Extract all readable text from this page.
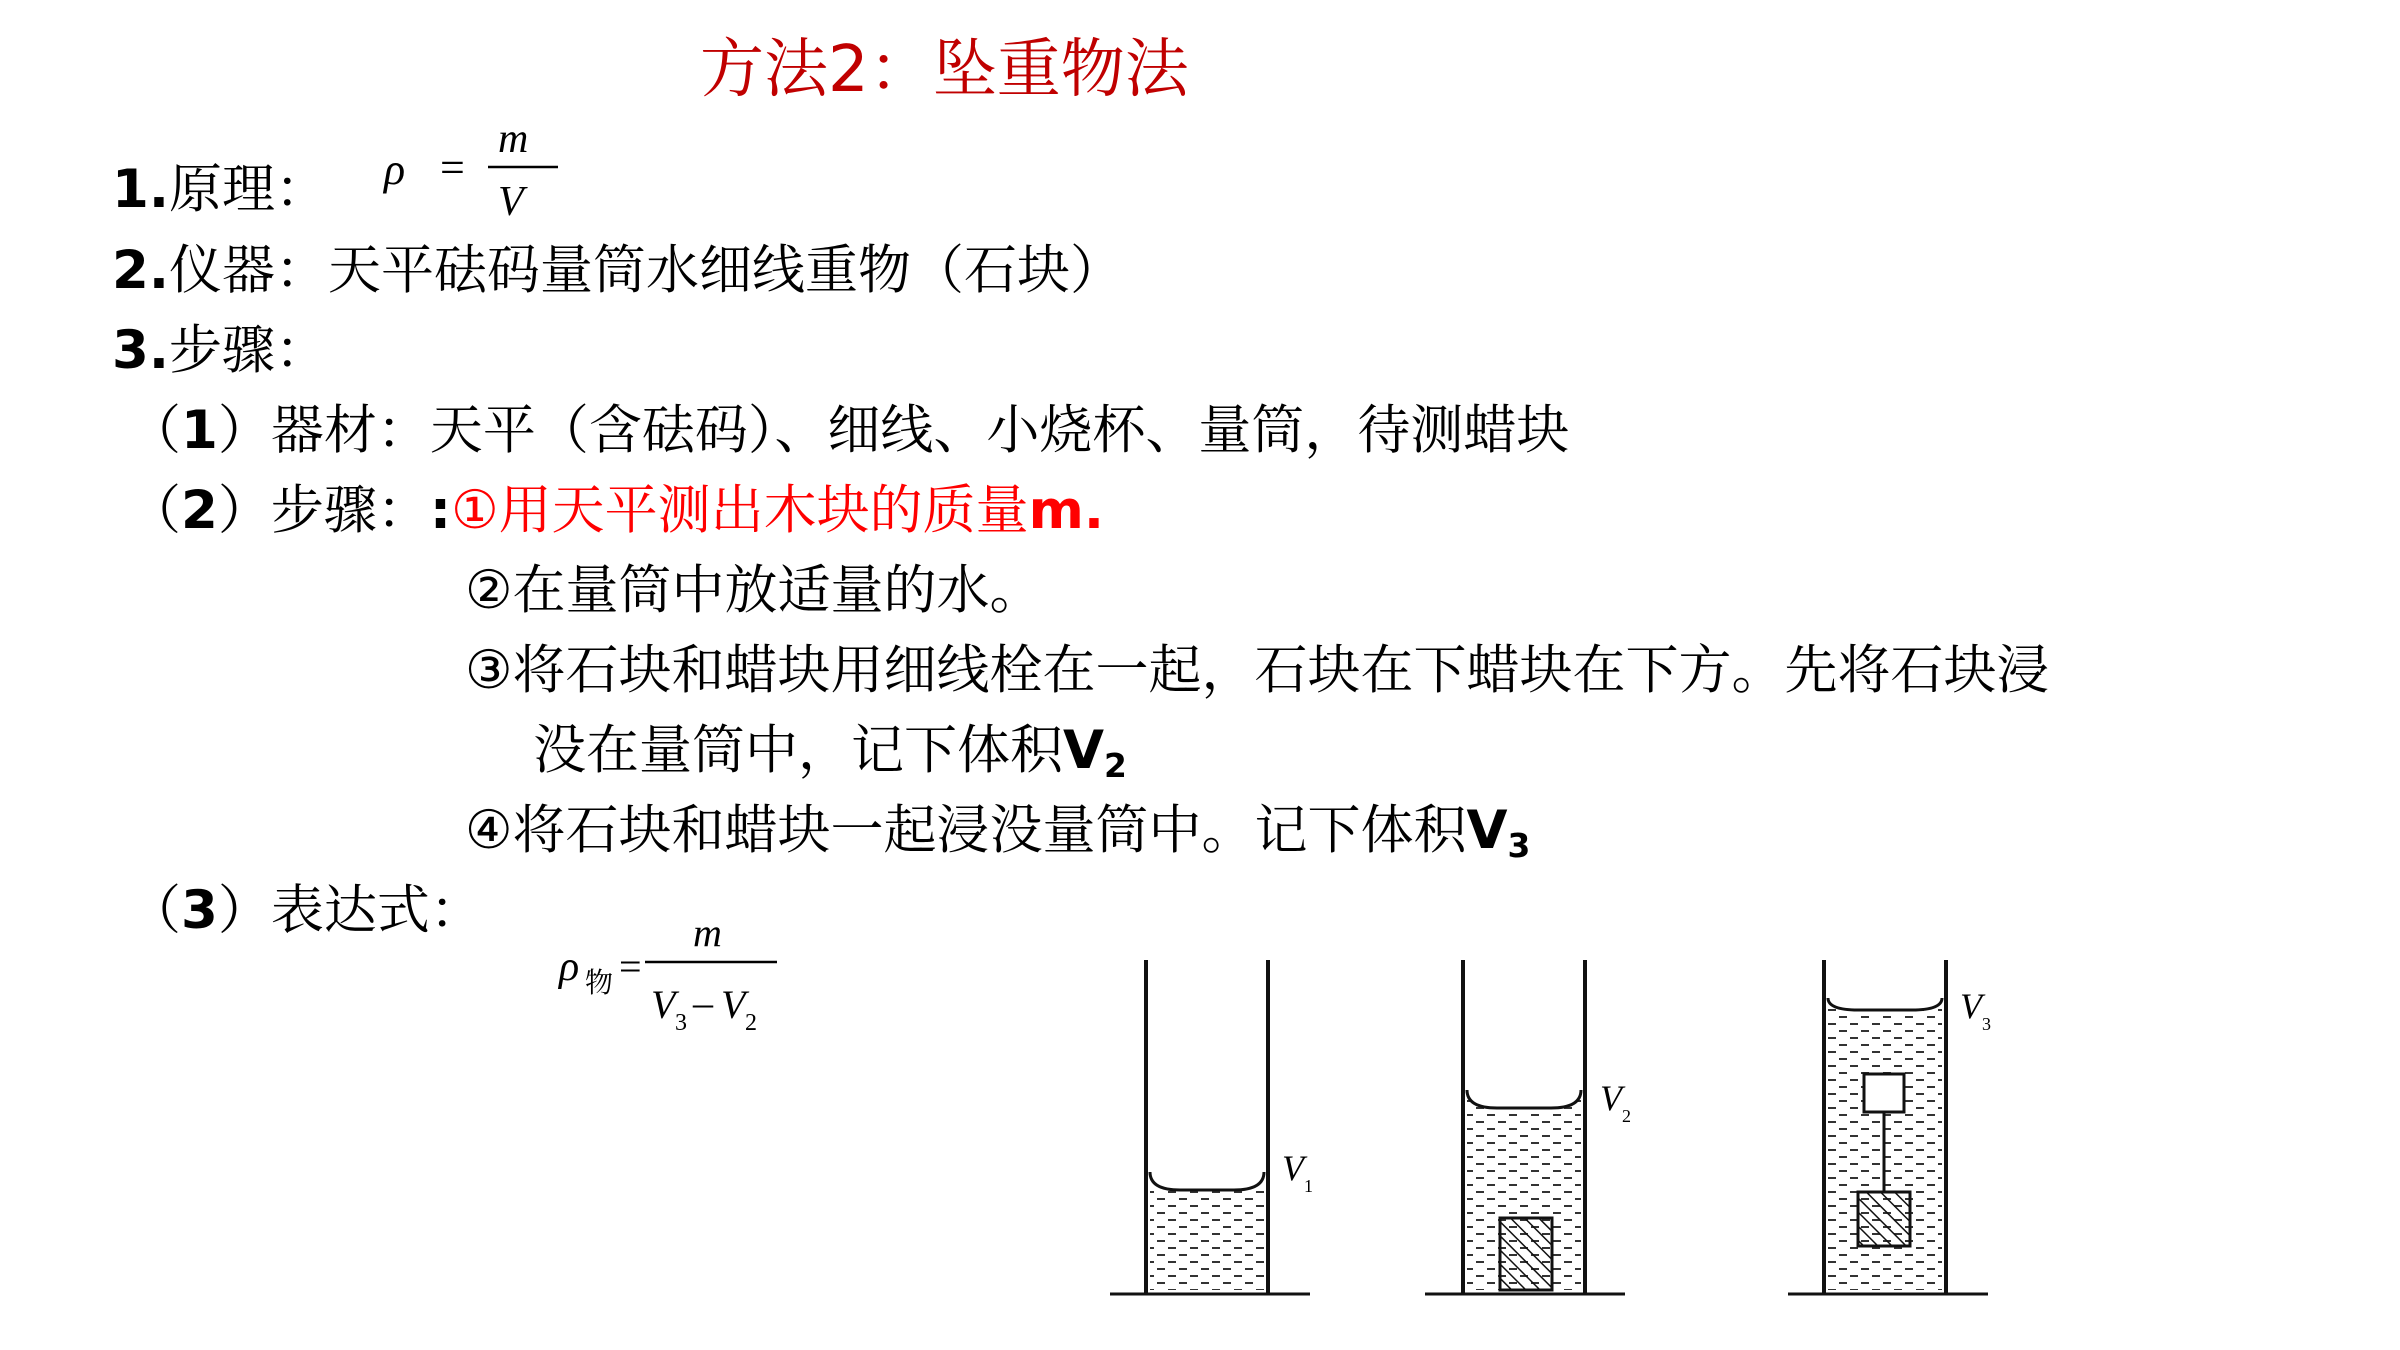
方法2：坠重物法
1.原理： ρ =
m
V
2.仪器：天平砝码量筒水细线重物（石块）
3.步骤：
（1）器材：天平（含砝码）、细线、小烧杯、量筒，待测蜡块
（2）步骤：:①用天平测出木块的质量m.
②在量筒中放适量的水。
③将石块和蜡块用细线栓在一起，石块在下蜡块在下方。先将石块浸
没在量筒中，记下体积$V_2$
④将石块和蜡块一起浸没量筒中。记下体积$V_3$
（3）表达式：
ρ 物 =
m
V 3 – V 2
V 1
V 2
V 3
